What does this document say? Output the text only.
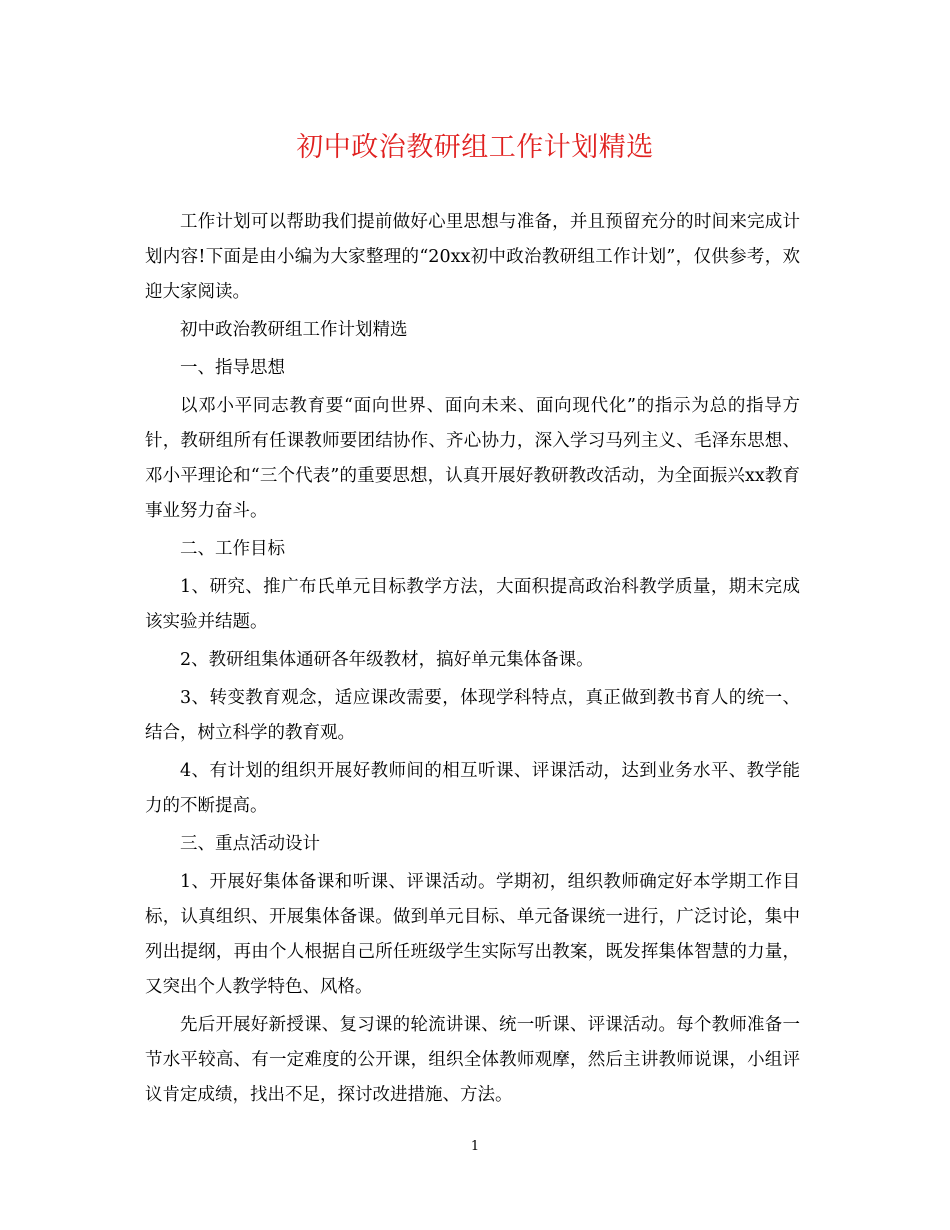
初中政治教研组工作计划精选

工作计划可以帮助我们提前做好心里思想与准备，并且预留充分的时间来完成计划内容!下面是由小编为大家整理的“20xx初中政治教研组工作计划”，仅供参考，欢迎大家阅读。

初中政治教研组工作计划精选

一、指导思想

以邓小平同志教育要“面向世界、面向未来、面向现代化”的指示为总的指导方针，教研组所有任课教师要团结协作、齐心协力，深入学习马列主义、毛泽东思想、邓小平理论和“三个代表”的重要思想，认真开展好教研教改活动，为全面振兴xx教育事业努力奋斗。

二、工作目标

1、研究、推广布氏单元目标教学方法，大面积提高政治科教学质量，期末完成该实验并结题。

2、教研组集体通研各年级教材，搞好单元集体备课。

3、转变教育观念，适应课改需要，体现学科特点，真正做到教书育人的统一、结合，树立科学的教育观。

4、有计划的组织开展好教师间的相互听课、评课活动，达到业务水平、教学能力的不断提高。

三、重点活动设计

1、开展好集体备课和听课、评课活动。学期初，组织教师确定好本学期工作目标，认真组织、开展集体备课。做到单元目标、单元备课统一进行，广泛讨论，集中列出提纲，再由个人根据自己所任班级学生实际写出教案，既发挥集体智慧的力量，又突出个人教学特色、风格。

先后开展好新授课、复习课的轮流讲课、统一听课、评课活动。每个教师准备一节水平较高、有一定难度的公开课，组织全体教师观摩，然后主讲教师说课，小组评议肯定成绩，找出不足，探讨改进措施、方法。

1
